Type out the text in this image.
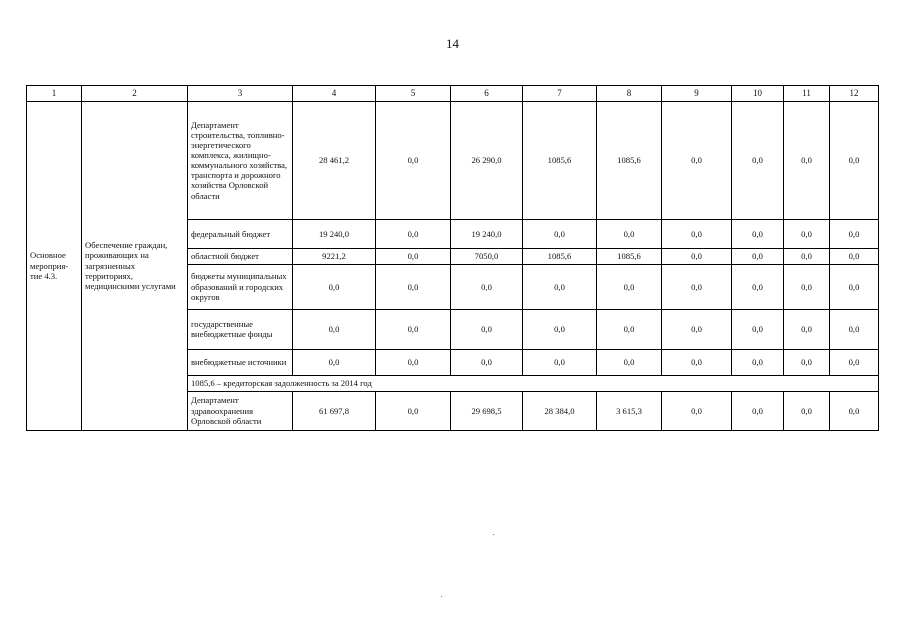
14
1	2	3	4	5	6	7	8	9	10	11	12
Основное мероприя-тие 4.3.	Обеспечение граждан, проживающих на загрязненных территориях, медицинскими услугами	Департамент строительства, топливно-энергетического комплекса, жилищно-коммунального хозяйства, транспорта и дорожного хозяйства Орловской области	28 461,2	0,0	26 290,0	1085,6	1085,6	0,0	0,0	0,0	0,0
		федеральный бюджет	19 240,0	0,0	19 240,0	0,0	0,0	0,0	0,0	0,0	0,0
		областной бюджет	9221,2	0,0	7050,0	1085,6	1085,6	0,0	0,0	0,0	0,0
		бюджеты муниципальных образований и городских округов	0,0	0,0	0,0	0,0	0,0	0,0	0,0	0,0	0,0
		государственные внебюджетные фонды	0,0	0,0	0,0	0,0	0,0	0,0	0,0	0,0	0,0
		внебюджетные источники	0,0	0,0	0,0	0,0	0,0	0,0	0,0	0,0	0,0
		1085,6 – кредиторская задолженность за 2014 год									
		Департамент здравоохранения Орловской области	61 697,8	0,0	29 698,5	28 384,0	3 615,3	0,0	0,0	0,0	0,0
